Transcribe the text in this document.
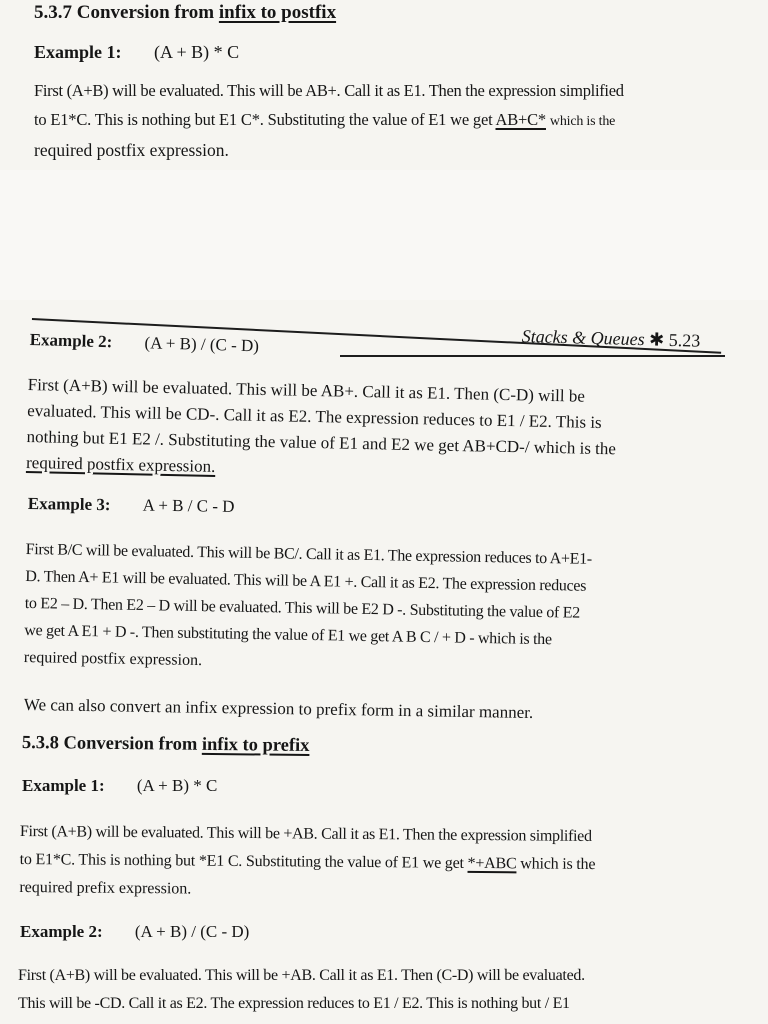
5.3.7 Conversion from infix to postfix
Example 1: (A + B) * C
First (A+B) will be evaluated. This will be AB+. Call it as E1. Then the expression simplified
to E1*C. This is nothing but E1 C*. Substituting the value of E1 we get AB+C* which is the
required postfix expression.
Stacks & Queues ✱ 5.23
Example 2: (A + B) / (C - D)
First (A+B) will be evaluated. This will be AB+. Call it as E1. Then (C-D) will be
evaluated. This will be CD-. Call it as E2. The expression reduces to E1 / E2. This is
nothing but E1 E2 /. Substituting the value of E1 and E2 we get AB+CD-/ which is the
required postfix expression.
Example 3: A + B / C - D
First B/C will be evaluated. This will be BC/. Call it as E1. The expression reduces to A+E1-
D. Then A+ E1 will be evaluated. This will be A E1 +. Call it as E2. The expression reduces
to E2 – D. Then E2 – D will be evaluated. This will be E2 D -. Substituting the value of E2
we get A E1 + D -. Then substituting the value of E1 we get A B C / + D - which is the
required postfix expression.
We can also convert an infix expression to prefix form in a similar manner.
5.3.8 Conversion from infix to prefix
Example 1: (A + B) * C
First (A+B) will be evaluated. This will be +AB. Call it as E1. Then the expression simplified
to E1*C. This is nothing but *E1 C. Substituting the value of E1 we get *+ABC which is the
required prefix expression.
Example 2: (A + B) / (C - D)
First (A+B) will be evaluated. This will be +AB. Call it as E1. Then (C-D) will be evaluated.
This will be -CD. Call it as E2. The expression reduces to E1 / E2. This is nothing but / E1
